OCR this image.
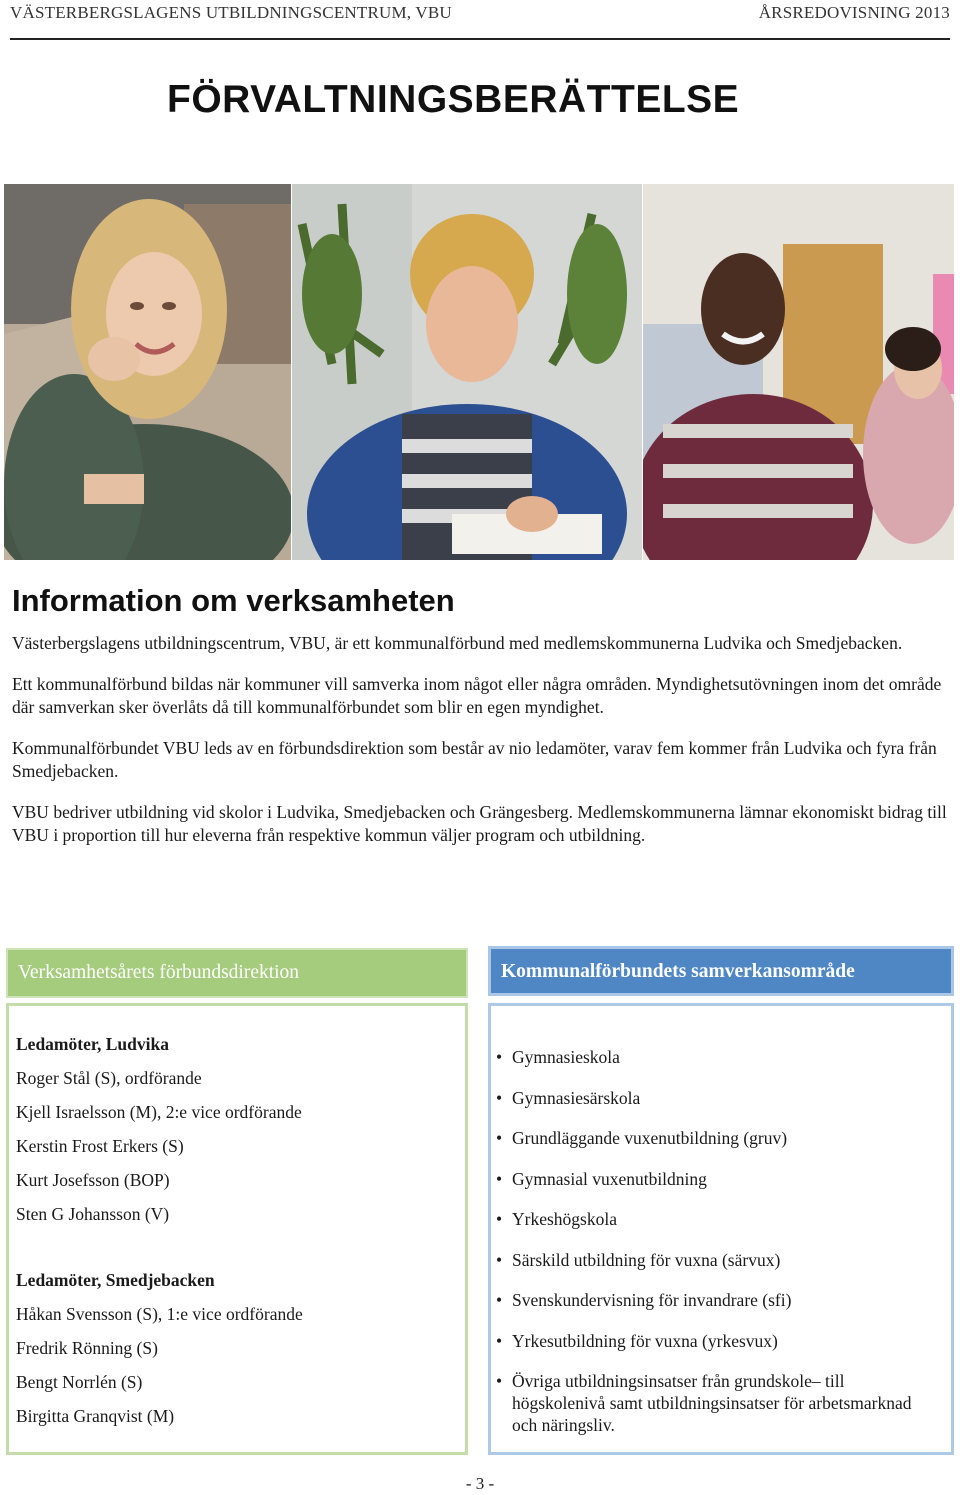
VÄSTERBERGSLAGENS UTBILDNINGSCENTRUM, VBU	ÅRSREDOVISNING 2013
FÖRVALTNINGSBERÄTTELSE
Information om verksamheten

Västerbergslagens utbildningscentrum, VBU, är ett kommunalförbund med medlemskommunerna Ludvika och Smedjebacken.

Ett kommunalförbund bildas när kommuner vill samverka inom något eller några områden. Myndighetsutövningen inom det område där samverkan sker överlåts då till kommunalförbundet som blir en egen myndighet.

Kommunalförbundet VBU leds av en förbundsdirektion som består av nio ledamöter, varav fem kommer från Ludvika och fyra från Smedjebacken.

VBU bedriver utbildning vid skolor i Ludvika, Smedjebacken och Grängesberg. Medlemskommunerna lämnar ekonomiskt bidrag till VBU i proportion till hur eleverna från respektive kommun väljer program och utbildning.

Verksamhetsårets förbundsdirektion	Kommunalförbundets samverkansområde

Ledamöter, Ludvika

Roger Stål (S), ordförande

Kjell Israelsson (M), 2:e vice ordförande

Kerstin Frost Erkers (S)

Kurt Josefsson (BOP)

Sten G Johansson (V)

Ledamöter, Smedjebacken

Håkan Svensson (S), 1:e vice ordförande

Fredrik Rönning (S)

Bengt Norrlén (S)

Birgitta Granqvist (M)

• Gymnasieskola
• Gymnasiesärskola
• Grundläggande vuxenutbildning (gruv)
• Gymnasial vuxenutbildning
• Yrkeshögskola
• Särskild utbildning för vuxna (särvux)
• Svenskundervisning för invandrare (sfi)
• Yrkesutbildning för vuxna (yrkesvux)
• Övriga utbildningsinsatser från grundskole– till högskolenivå samt utbildningsinsatser för arbetsmarknad och näringsliv.
- 3 -
